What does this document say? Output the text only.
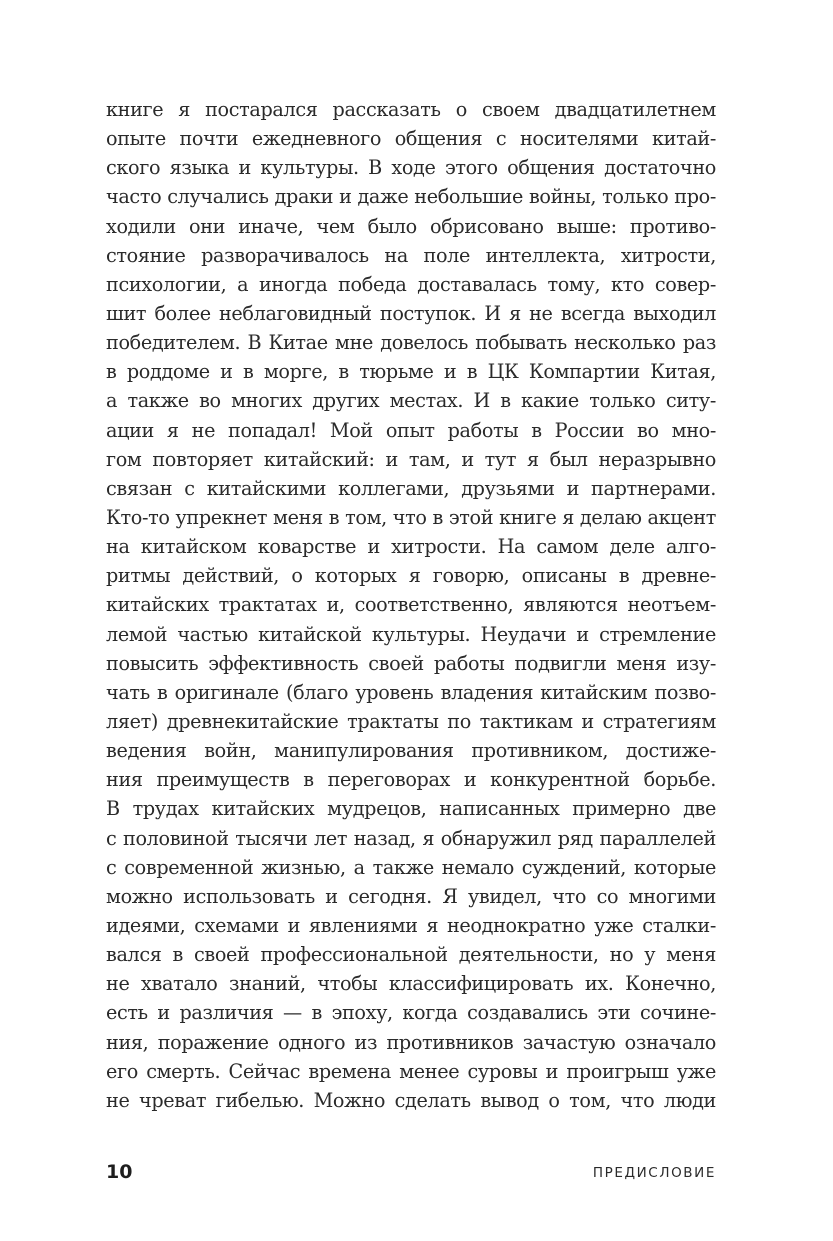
книге я постарался рассказать о своем двадцатилетнем
опыте почти ежедневного общения с носителями китай-
ского языка и культуры. В ходе этого общения достаточно
часто случались драки и даже небольшие войны, только про-
ходили они иначе, чем было обрисовано выше: противо-
стояние разворачивалось на поле интеллекта, хитрости,
психологии, а иногда победа доставалась тому, кто совер-
шит более неблаговидный поступок. И я не всегда выходил
победителем. В Китае мне довелось побывать несколько раз
в роддоме и в морге, в тюрьме и в ЦК Компартии Китая,
а также во многих других местах. И в какие только ситу-
ации я не попадал! Мой опыт работы в России во мно-
гом повторяет китайский: и там, и тут я был неразрывно
связан с китайскими коллегами, друзьями и партнерами.
Кто-то упрекнет меня в том, что в этой книге я делаю акцент
на китайском коварстве и хитрости. На самом деле алго-
ритмы действий, о которых я говорю, описаны в древне-
китайских трактатах и, соответственно, являются неотъем-
лемой частью китайской культуры. Неудачи и стремление
повысить эффективность своей работы подвигли меня изу-
чать в оригинале (благо уровень владения китайским позво-
ляет) древнекитайские трактаты по тактикам и стратегиям
ведения войн, манипулирования противником, достиже-
ния преимуществ в переговорах и конкурентной борьбе.
В трудах китайских мудрецов, написанных примерно две
с половиной тысячи лет назад, я обнаружил ряд параллелей
с современной жизнью, а также немало суждений, которые
можно использовать и сегодня. Я увидел, что со многими
идеями, схемами и явлениями я неоднократно уже сталки-
вался в своей профессиональной деятельности, но у меня
не хватало знаний, чтобы классифицировать их. Конечно,
есть и различия — в эпоху, когда создавались эти сочине-
ния, поражение одного из противников зачастую означало
его смерть. Сейчас времена менее суровы и проигрыш уже
не чреват гибелью. Можно сделать вывод о том, что люди
10	ПРЕДИСЛОВИЕ
